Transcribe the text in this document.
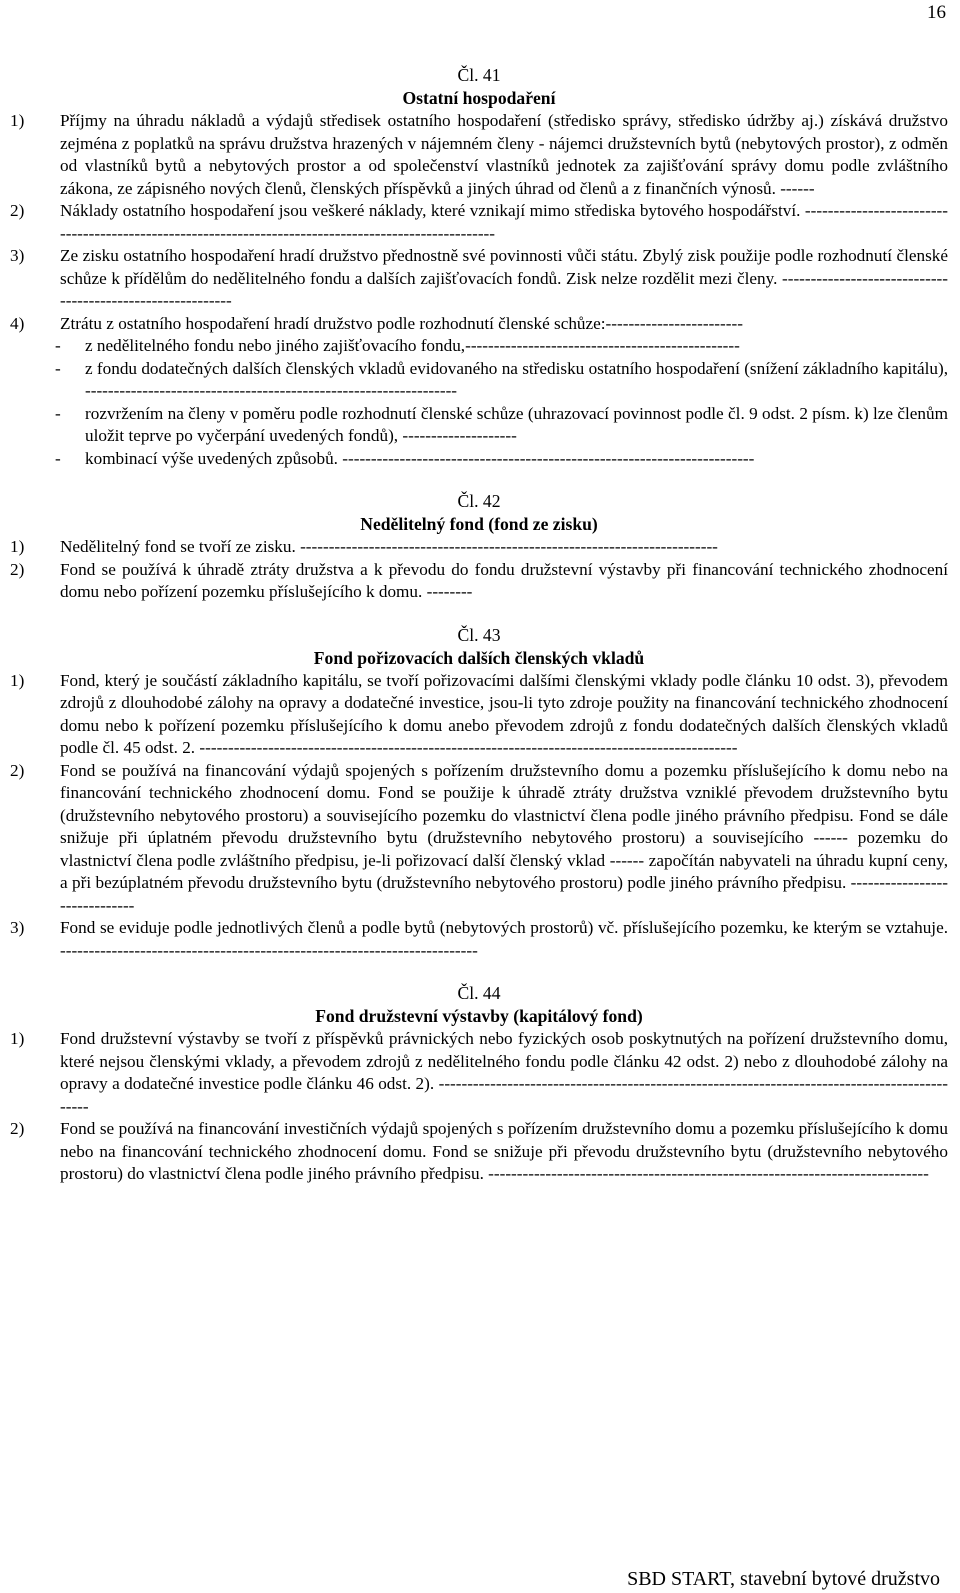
16
Čl. 41
Ostatní hospodaření
1) Příjmy na úhradu nákladů a výdajů středisek ostatního hospodaření (středisko správy, středisko údržby aj.) získává družstvo zejména z poplatků na správu družstva hrazených v nájemném členy - nájemci družstevních bytů (nebytových prostor), z odměn od vlastníků bytů a nebytových prostor a od společenství vlastníků jednotek za zajišťování správy domu podle zvláštního zákona, ze zápisného nových členů, členských příspěvků a jiných úhrad od členů a z finančních výnosů. ------
2) Náklady ostatního hospodaření jsou veškeré náklady, které vznikají mimo střediska bytového hospodářství. -----------------------------------------------------------------------------------------------------
3) Ze zisku ostatního hospodaření hradí družstvo přednostně své povinnosti vůči státu. Zbylý zisk použije podle rozhodnutí členské schůze k přídělům do nedělitelného fondu a dalších zajišťovacích fondů. Zisk nelze rozdělit mezi členy. -----------------------------------------------------------
4) Ztrátu z ostatního hospodaření hradí družstvo podle rozhodnutí členské schůze:------------------------
- z nedělitelného fondu nebo jiného zajišťovacího fondu,------------------------------------------------
- z fondu dodatečných dalších členských vkladů evidovaného na středisku ostatního hospodaření (snížení základního kapitálu), -----------------------------------------------------------------
- rozvržením na členy v poměru podle rozhodnutí členské schůze (uhrazovací povinnost podle čl. 9 odst. 2 písm. k) lze členům uložit teprve po vyčerpání uvedených fondů), --------------------
- kombinací výše uvedených způsobů. ------------------------------------------------------------------------
Čl. 42
Nedělitelný fond (fond ze zisku)
1) Nedělitelný fond se tvoří ze zisku. -------------------------------------------------------------------------
2) Fond se používá k úhradě ztráty družstva a k převodu do fondu družstevní výstavby při financování technického zhodnocení domu nebo pořízení pozemku příslušejícího k domu. --------
Čl. 43
Fond pořizovacích dalších členských vkladů
1) Fond, který je součástí základního kapitálu, se tvoří pořizovacími dalšími členskými vklady podle článku 10 odst. 3), převodem zdrojů z dlouhodobé zálohy na opravy a dodatečné investice, jsou-li tyto zdroje použity na financování technického zhodnocení domu nebo k pořízení pozemku příslušejícího k domu anebo převodem zdrojů z fondu dodatečných dalších členských vkladů podle čl. 45 odst. 2. ----------------------------------------------------------------------------------------------
2) Fond se používá na financování výdajů spojených s pořízením družstevního domu a pozemku příslušejícího k domu nebo na financování technického zhodnocení domu. Fond se použije k úhradě ztráty družstva vzniklé převodem družstevního bytu (družstevního nebytového prostoru) a souvisejícího pozemku do vlastnictví člena podle jiného právního předpisu. Fond se dále snižuje při úplatném převodu družstevního bytu (družstevního nebytového prostoru) a souvisejícího ------ pozemku do vlastnictví člena podle zvláštního předpisu, je-li pořizovací další členský vklad ------ započítán nabyvateli na úhradu kupní ceny, a při bezúplatném převodu družstevního bytu (družstevního nebytového prostoru) podle jiného právního předpisu. ------------------------------
3) Fond se eviduje podle jednotlivých členů a podle bytů (nebytových prostorů) vč. příslušejícího pozemku, ke kterým se vztahuje. -------------------------------------------------------------------------
Čl. 44
Fond družstevní výstavby (kapitálový fond)
1) Fond družstevní výstavby se tvoří z příspěvků právnických nebo fyzických osob poskytnutých na pořízení družstevního domu, které nejsou členskými vklady, a převodem zdrojů z nedělitelného fondu podle článku 42 odst. 2) nebo z dlouhodobé zálohy na opravy a dodatečné investice podle článku 46 odst. 2). ----------------------------------------------------------------------------------------------
2) Fond se používá na financování investičních výdajů spojených s pořízením družstevního domu a pozemku příslušejícího k domu nebo na financování technického zhodnocení domu. Fond se snižuje při převodu družstevního bytu (družstevního nebytového prostoru) do vlastnictví člena podle jiného právního předpisu. -----------------------------------------------------------------------------
SBD START, stavební bytové družstvo
